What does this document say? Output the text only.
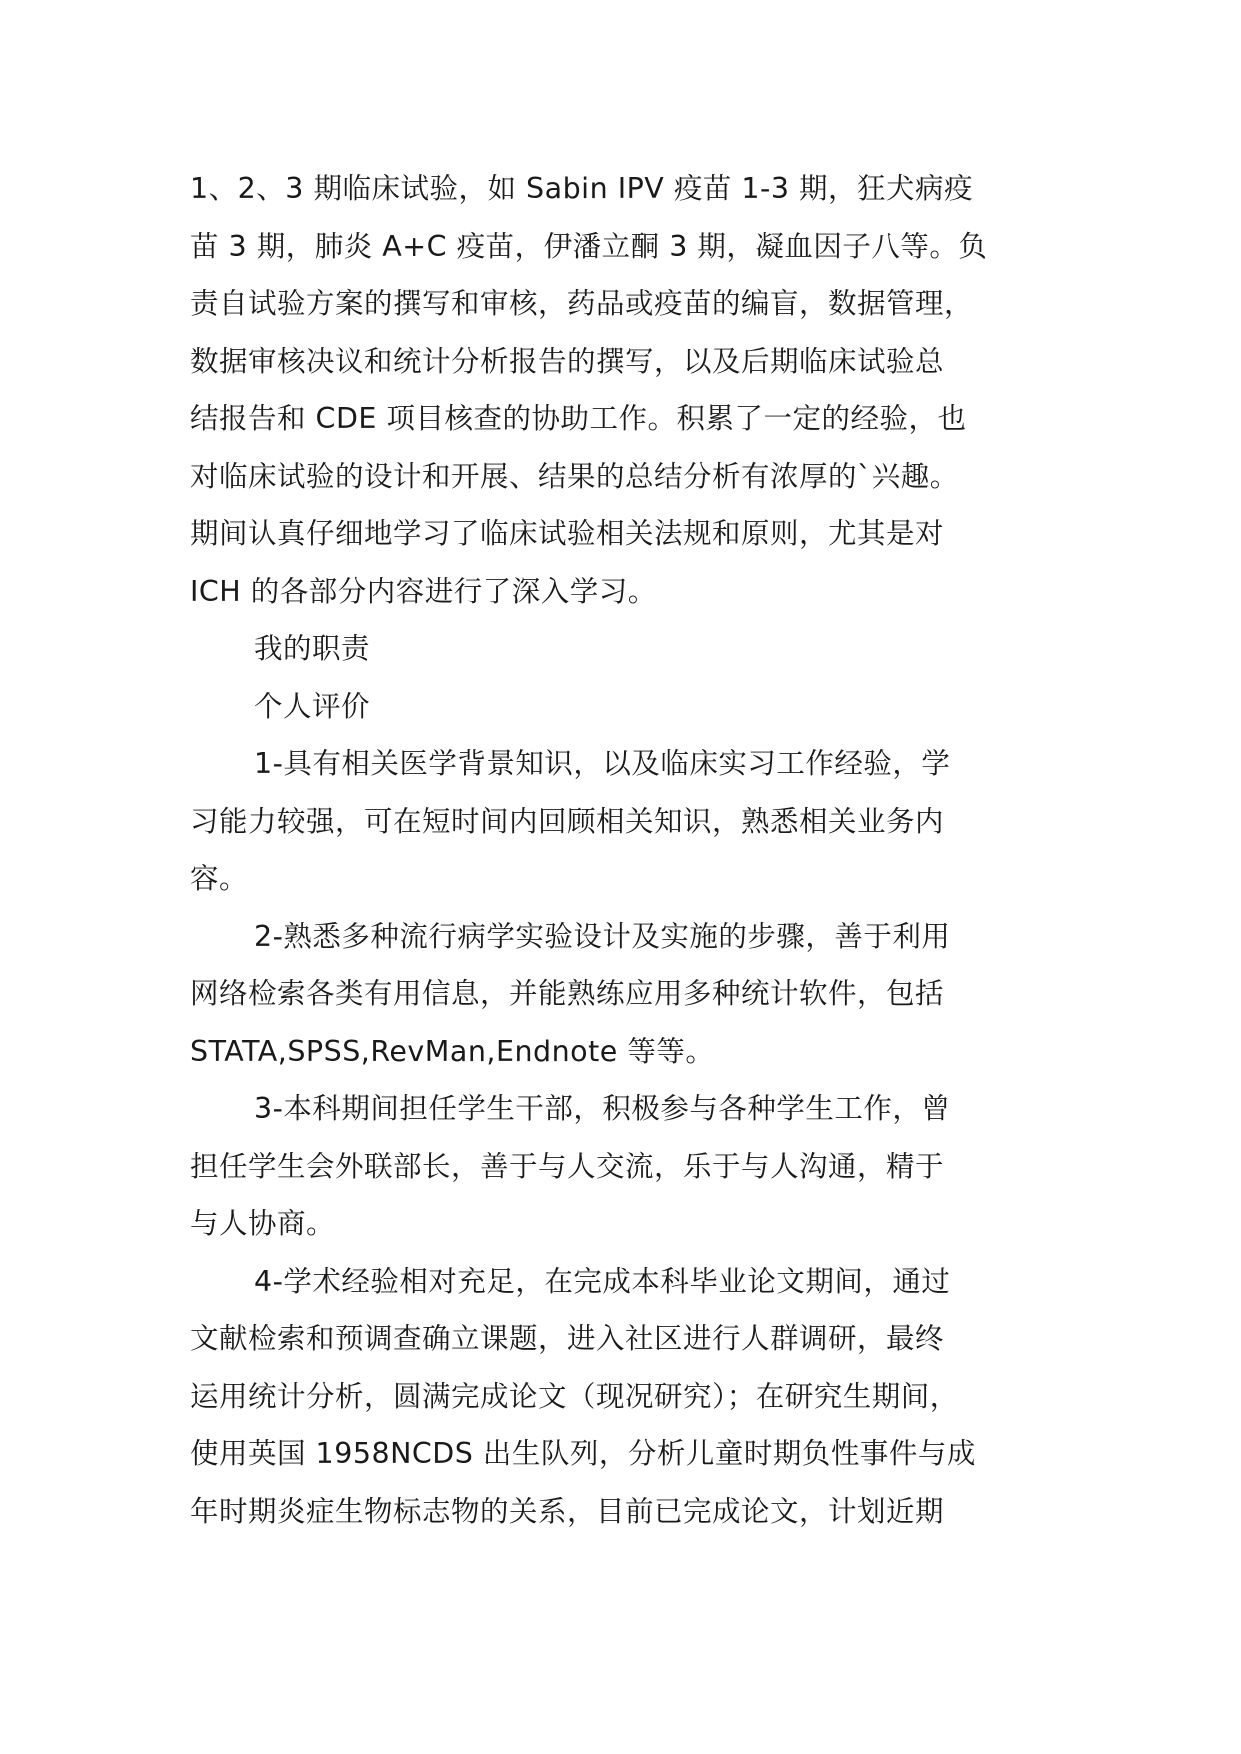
1、2、3 期临床试验，如 Sabin IPV 疫苗 1-3 期，狂犬病疫
苗 3 期，肺炎 A+C 疫苗，伊潘立酮 3 期，凝血因子八等。负
责自试验方案的撰写和审核，药品或疫苗的编盲，数据管理，
数据审核决议和统计分析报告的撰写，以及后期临床试验总
结报告和 CDE 项目核查的协助工作。积累了一定的经验，也
对临床试验的设计和开展、结果的总结分析有浓厚的`兴趣。
期间认真仔细地学习了临床试验相关法规和原则，尤其是对
ICH 的各部分内容进行了深入学习。

我的职责

个人评价

1-具有相关医学背景知识，以及临床实习工作经验，学
习能力较强，可在短时间内回顾相关知识，熟悉相关业务内
容。

2-熟悉多种流行病学实验设计及实施的步骤，善于利用
网络检索各类有用信息，并能熟练应用多种统计软件，包括
STATA,SPSS,RevMan,Endnote 等等。

3-本科期间担任学生干部，积极参与各种学生工作，曾
担任学生会外联部长，善于与人交流，乐于与人沟通，精于
与人协商。

4-学术经验相对充足，在完成本科毕业论文期间，通过
文献检索和预调查确立课题，进入社区进行人群调研，最终
运用统计分析，圆满完成论文（现况研究）；在研究生期间，
使用英国 1958NCDS 出生队列，分析儿童时期负性事件与成
年时期炎症生物标志物的关系，目前已完成论文，计划近期
